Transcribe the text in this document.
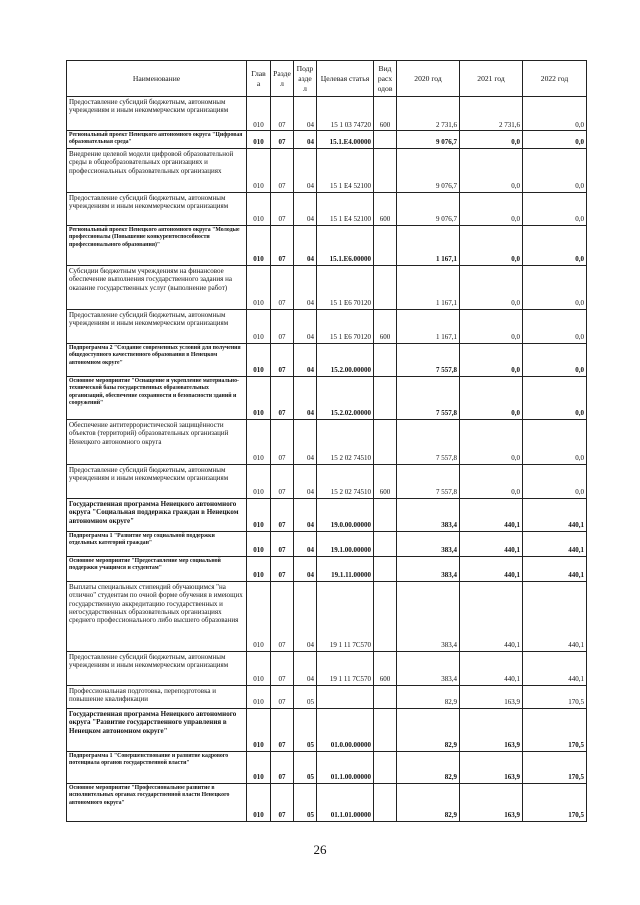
Наименование	Глав а	Разде л	Подр азде л	Целевая статья	Вид расх одов	2020 год	2021 год	2022 год
Предоставление субсидий бюджетным, автономным учреждениям и иным некоммерческим организациям	010	07	04	15 1 03 74720	600	2 731,6	2 731,6	0,0
Региональный проект Ненецкого автономного округа "Цифровая образовательная среда"	010	07	04	15.1.Е4.00000		9 076,7	0,0	0,0
Внедрение целевой модели цифровой образовательной среды в общеобразовательных организациях и профессиональных образовательных организациях	010	07	04	15 1 Е4 52100		9 076,7	0,0	0,0
Предоставление субсидий бюджетным, автономным учреждениям и иным некоммерческим организациям	010	07	04	15 1 Е4 52100	600	9 076,7	0,0	0,0
Региональный проект Ненецкого автономного округа "Молодые профессионалы (Повышение конкурентоспособности профессионального образования)"	010	07	04	15.1.Е6.00000		1 167,1	0,0	0,0
Субсидии бюджетным учреждениям на финансовое обеспечение выполнения государственного задания на оказание государственных услуг (выполнение работ)	010	07	04	15 1 Е6 70120		1 167,1	0,0	0,0
Предоставление субсидий бюджетным, автономным учреждениям и иным некоммерческим организациям	010	07	04	15 1 Е6 70120	600	1 167,1	0,0	0,0
Подпрограмма 2 "Создание современных условий для получения общедоступного качественного образования в Ненецком автономном округе"	010	07	04	15.2.00.00000		7 557,8	0,0	0,0
Основное мероприятие "Оснащение и укрепление материально-технической базы государственных образовательных организаций, обеспечение сохранности и безопасности зданий и сооружений"	010	07	04	15.2.02.00000		7 557,8	0,0	0,0
Обеспечение антитеррористической защищённости объектов (территорий) образовательных организаций Ненецкого автономного округа	010	07	04	15 2 02 74510		7 557,8	0,0	0,0
Предоставление субсидий бюджетным, автономным учреждениям и иным некоммерческим организациям	010	07	04	15 2 02 74510	600	7 557,8	0,0	0,0
Государственная программа Ненецкого автономного округа "Социальная поддержка граждан в Ненецком автономном округе"	010	07	04	19.0.00.00000		383,4	440,1	440,1
Подпрограмма 1 "Развитие мер социальной поддержки отдельных категорий граждан"	010	07	04	19.1.00.00000		383,4	440,1	440,1
Основное мероприятие "Предоставление мер социальной поддержки учащимся и студентам"	010	07	04	19.1.11.00000		383,4	440,1	440,1
Выплаты специальных стипендий обучающимся "на отлично" студентам по очной форме обучения в имеющих государственную аккредитацию государственных и негосударственных образовательных организациях среднего профессионального либо высшего образования	010	07	04	19 1 11 7С570		383,4	440,1	440,1
Предоставление субсидий бюджетным, автономным учреждениям и иным некоммерческим организациям	010	07	04	19 1 11 7С570	600	383,4	440,1	440,1
Профессиональная подготовка, переподготовка и повышение квалификации	010	07	05			82,9	163,9	170,5
Государственная программа Ненецкого автономного округа "Развитие государственного управления в Ненецком автономном округе"	010	07	05	01.0.00.00000		82,9	163,9	170,5
Подпрограмма 1 "Совершенствование и развитие кадрового потенциала органов государственной власти"	010	07	05	01.1.00.00000		82,9	163,9	170,5
Основное мероприятие "Профессиональное развитие в исполнительных органах государственной власти Ненецкого автономного округа"	010	07	05	01.1.01.00000		82,9	163,9	170,5
26
